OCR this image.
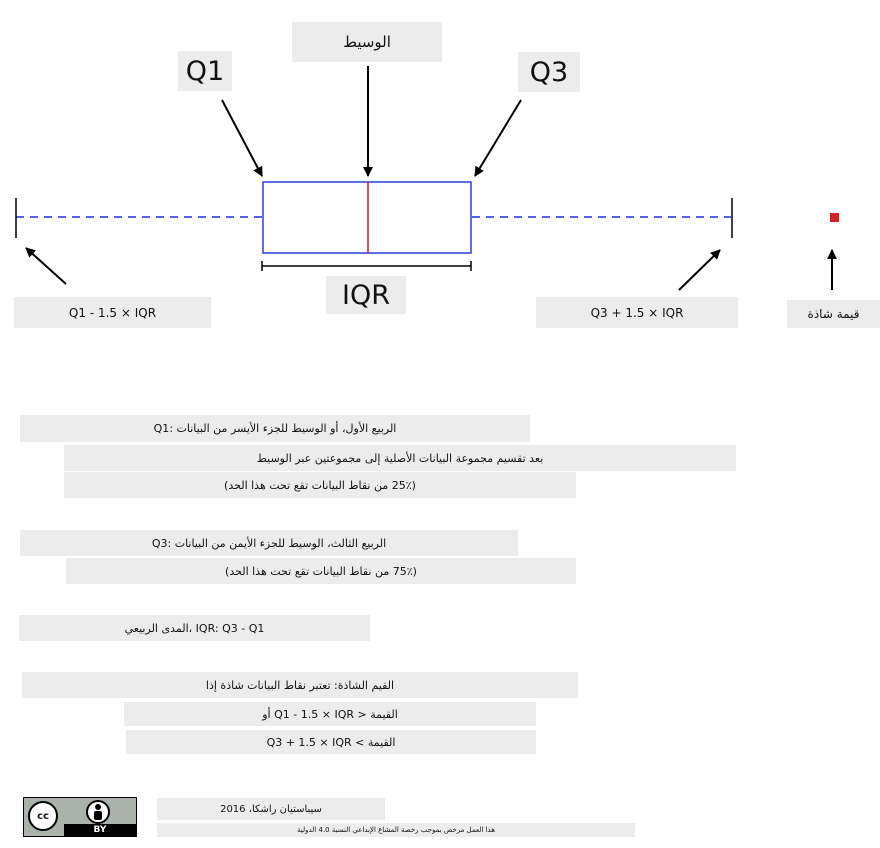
الوسيط
Q1	Q3
IQR
Q1 - 1.5 × IQR	Q3 + 1.5 × IQR	قيمة شاذة
الربيع الأول، أو الوسيط للجزء الأيسر من البيانات :Q1
بعد تقسيم مجموعة البيانات الأصلية إلى مجموعتين عبر الوسيط
(25٪ من نقاط البيانات تقع تحت هذا الحد)
الربيع الثالث، الوسيط للجزء الأيمن من البيانات :Q3
(75٪ من نقاط البيانات تقع تحت هذا الحد)
IQR: Q3 - Q1 ،المدى الربيعي
القيم الشاذة: تعتبر نقاط البيانات شاذة إذا
القيمة < Q1 - 1.5 × IQR أو
القيمة > Q3 + 1.5 × IQR
cc
BY
سيباستيان راشكا، 2016
هذا العمل مرخص بموجب رخصة المشاع الإبداعي النسبة 4.0 الدولية
